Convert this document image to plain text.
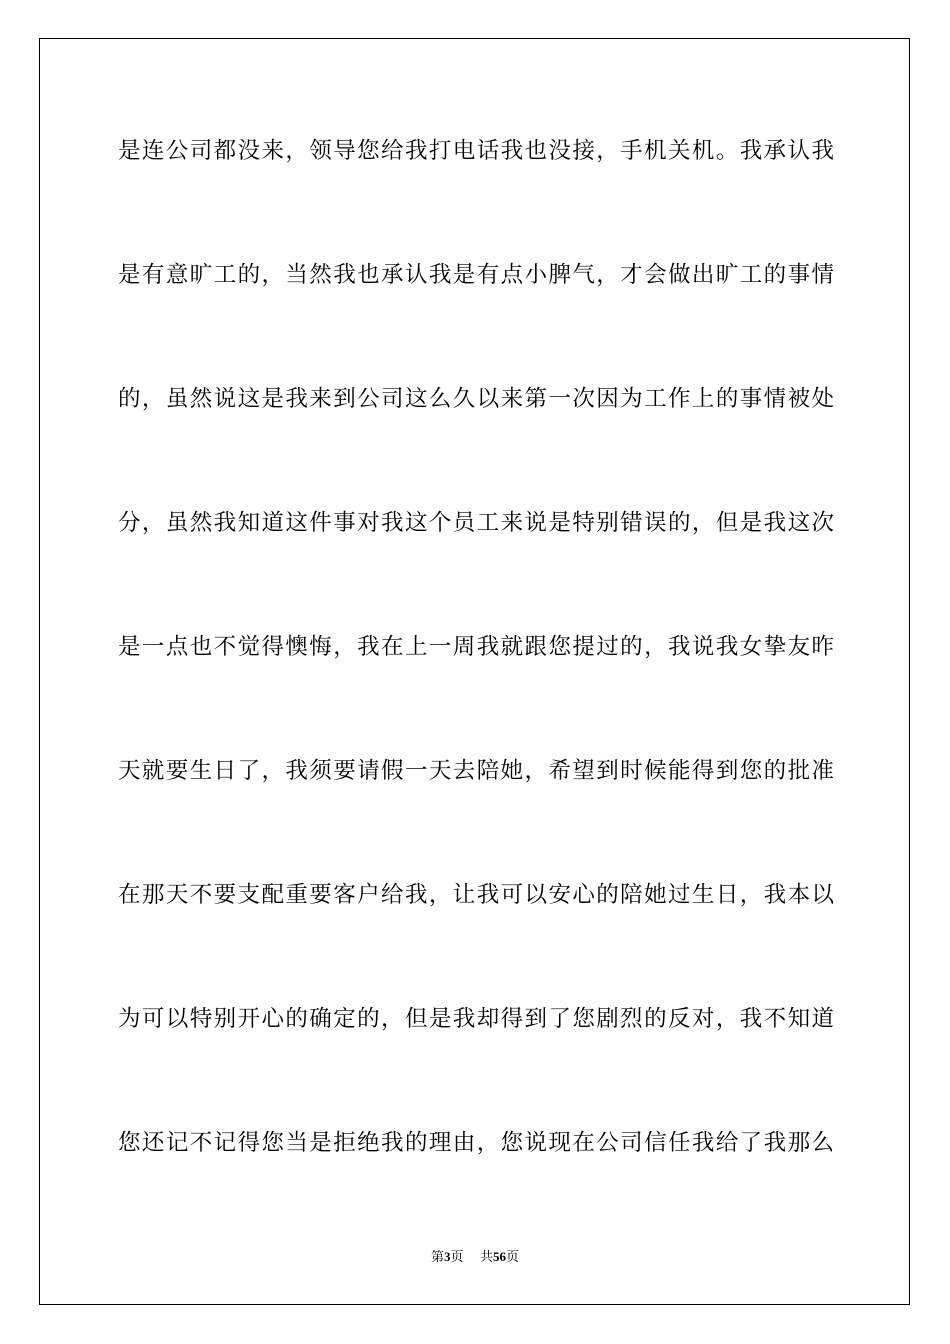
是连公司都没来，领导您给我打电话我也没接，手机关机。我承认我
是有意旷工的，当然我也承认我是有点小脾气，才会做出旷工的事情
的，虽然说这是我来到公司这么久以来第一次因为工作上的事情被处
分，虽然我知道这件事对我这个员工来说是特别错误的，但是我这次
是一点也不觉得懊悔，我在上一周我就跟您提过的，我说我女挚友昨
天就要生日了，我须要请假一天去陪她，希望到时候能得到您的批准
在那天不要支配重要客户给我，让我可以安心的陪她过生日，我本以
为可以特别开心的确定的，但是我却得到了您剧烈的反对，我不知道
您还记不记得您当是拒绝我的理由，您说现在公司信任我给了我那么
第3页 共56页
